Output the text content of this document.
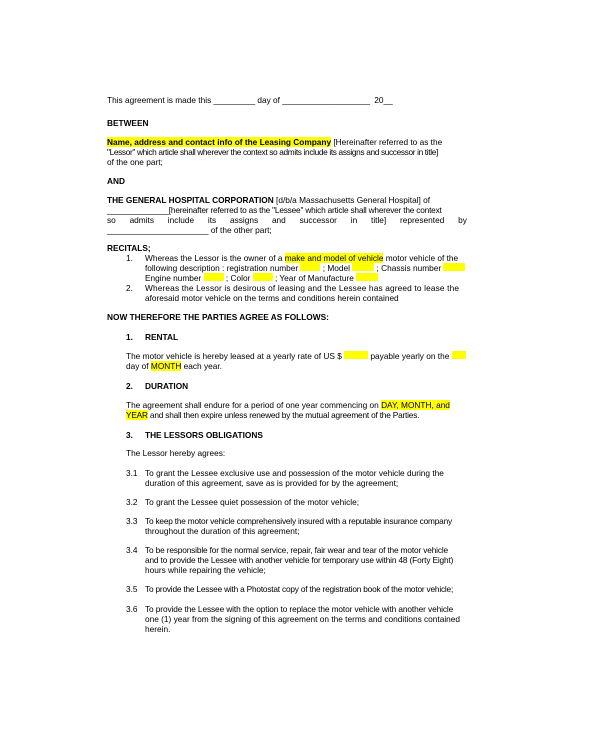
This agreement is made this _________ day of ___________________ 20__
BETWEEN
Name, address and contact info of the Leasing Company [Hereinafter referred to as the
"Lessor" which article shall wherever the context so admits include its assigns and successor in title]
of the one part;
AND
THE GENERAL HOSPITAL CORPORATION [d/b/a Massachusetts General Hospital] of
______________[hereinafter referred to as the "Lessee" which article shall wherever the context
so admits include its assigns and successor in title] represented by
______________________ of the other part;
RECITALS;
1.	Whereas the Lessor is the owner of a make and model of vehicle motor vehicle of the
following description : registration number  ; Model	; Chassis number
Engine number  ; Color  ; Year of Manufacture
2.	Whereas the Lessor is desirous of leasing and the Lessee has agreed to lease the
aforesaid motor vehicle on the terms and conditions herein contained
NOW THEREFORE THE PARTIES AGREE AS FOLLOWS:
1.	RENTAL
The motor vehicle is hereby leased at a yearly rate of US $	payable yearly on the
day of MONTH each year.
2.	DURATION
The agreement shall endure for a period of one year commencing on DAY, MONTH, and
YEAR and shall then expire unless renewed by the mutual agreement of the Parties.
3.	THE LESSORS OBLIGATIONS
The Lessor hereby agrees:
3.1 To grant the Lessee exclusive use and possession of the motor vehicle during the
duration of this agreement, save as is provided for by the agreement;
3.2 To grant the Lessee quiet possession of the motor vehicle;
3.3 To keep the motor vehicle comprehensively insured with a reputable insurance company
throughout the duration of this agreement;
3.4 To be responsible for the normal service, repair, fair wear and tear of the motor vehicle
and to provide the Lessee with another vehicle for temporary use within 48 (Forty Eight)
hours while repairing the vehicle;
3.5 To provide the Lessee with a Photostat copy of the registration book of the motor vehicle;
3.6 To provide the Lessee with the option to replace the motor vehicle with another vehicle
one (1) year from the signing of this agreement on the terms and conditions contained
herein.
